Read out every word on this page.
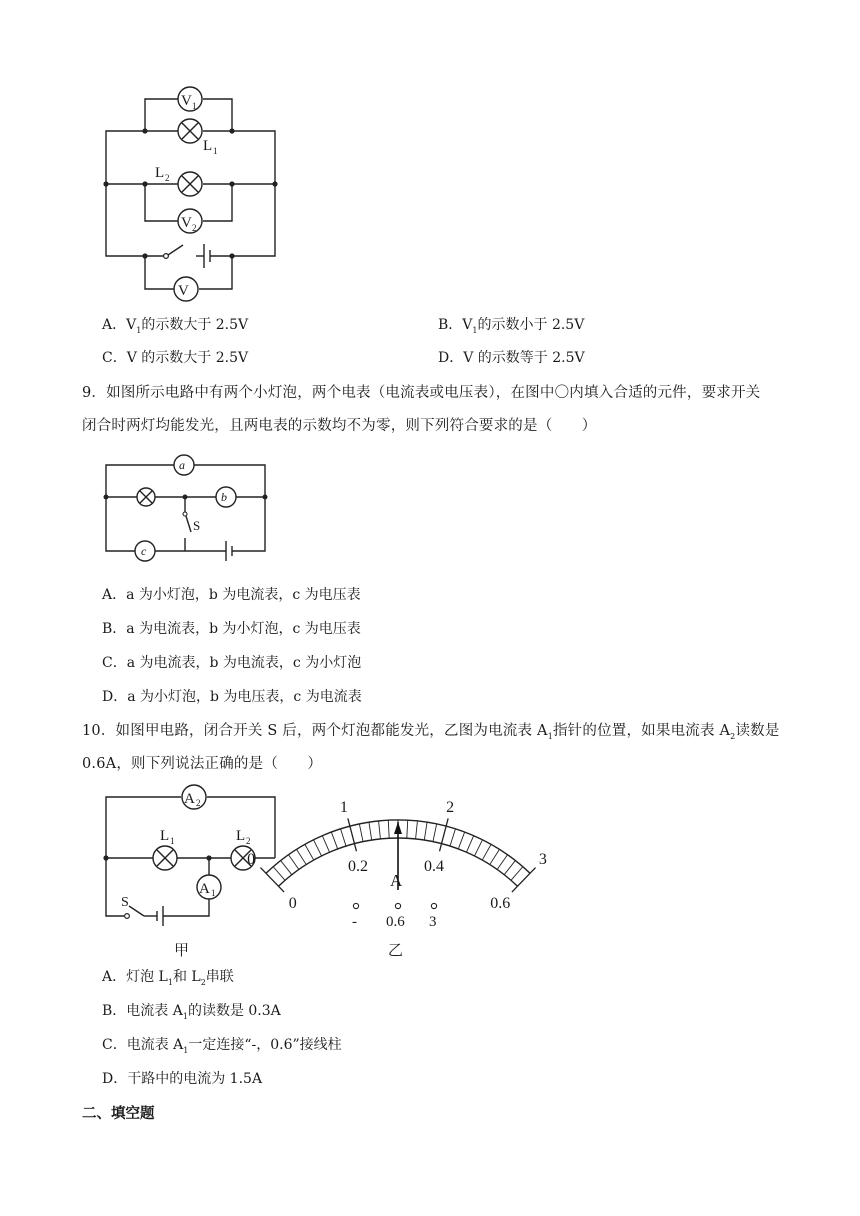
V 1
L 1
L 2
V 2
V
A．$V_1$的示数大于 2.5V	B．$V_1$的示数小于 2.5V
C．V 的示数大于 2.5V	D．V 的示数等于 2.5V
9．如图所示电路中有两个小灯泡，两个电表（电流表或电压表），在图中〇内填入合适的元件，要求开关
闭合时两灯均能发光，且两电表的示数均不为零，则下列符合要求的是（　　）
a
b
S
c
A．a 为小灯泡，b 为电流表，c 为电压表
B．a 为电流表，b 为小灯泡，c 为电压表
C．a 为电流表，b 为电流表，c 为小灯泡
D．a 为小灯泡，b 为电压表，c 为电流表
10．如图甲电路，闭合开关 S 后，两个灯泡都能发光，乙图为电流表 $A_1$指针的位置，如果电流表 $A_2$读数是
0.6A，则下列说法正确的是（　　）
A 2
L 1	L 2
A 1
S
甲
0
1	2
3
0
0.2	0.4
0.6
A
- 0.6 3
乙
A．灯泡 $L_1$和 $L_2$串联
B．电流表 $A_1$的读数是 0.3A
C．电流表 $A_1$一定连接“-，0.6”接线柱
D．干路中的电流为 1.5A
二、填空题
